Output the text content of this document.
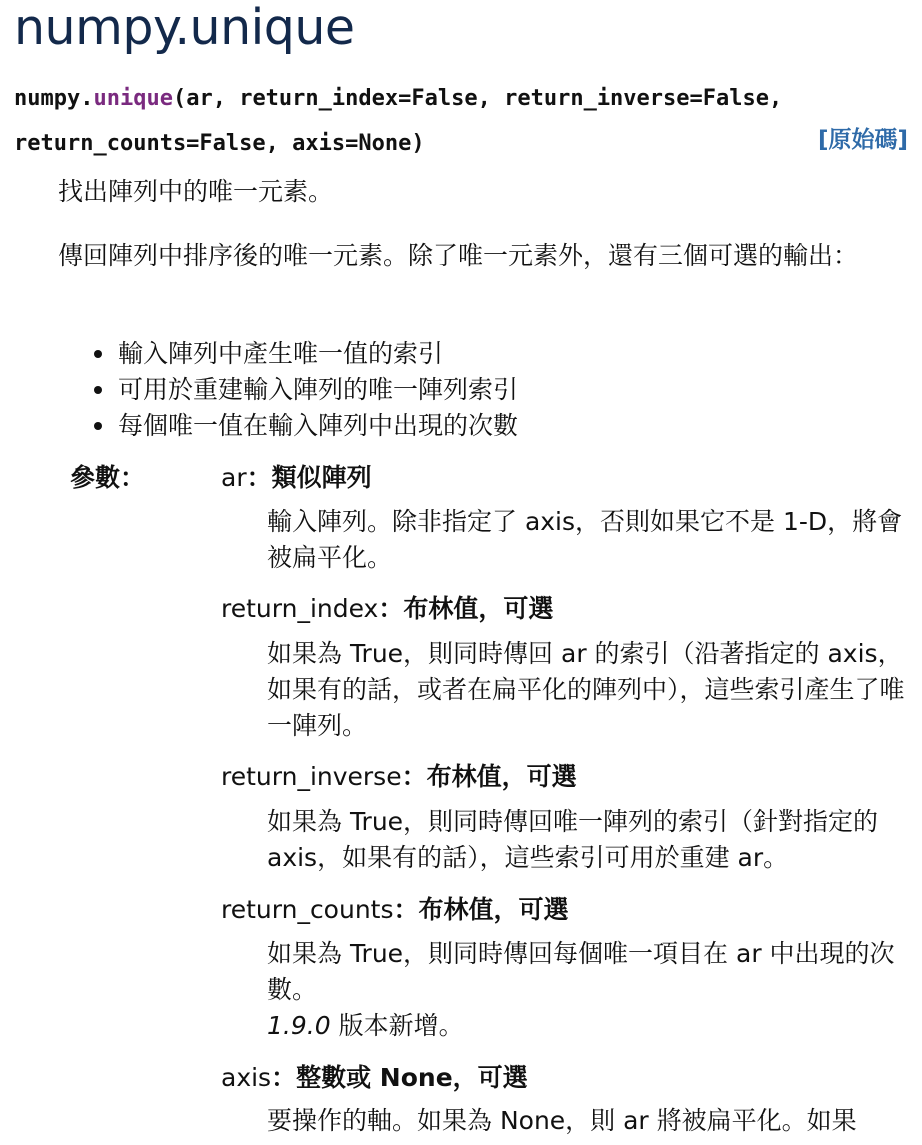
numpy.unique
numpy.unique(ar, return_index=False, return_inverse=False,
return_counts=False, axis=None)	[原始碼]

找出陣列中的唯一元素。

傳回陣列中排序後的唯一元素。除了唯一元素外，還有三個可選的輸出：

輸入陣列中產生唯一值的索引
可用於重建輸入陣列的唯一陣列索引
每個唯一值在輸入陣列中出現的次數
參數：	ar：類似陣列

輸入陣列。除非指定了 axis，否則如果它不是 1-D，將會被扁平化。

return_index：布林值，可選

如果為 True，則同時傳回 ar 的索引（沿著指定的 axis，如果有的話，或者在扁平化的陣列中），這些索引產生了唯一陣列。

return_inverse：布林值，可選

如果為 True，則同時傳回唯一陣列的索引（針對指定的 axis，如果有的話），這些索引可用於重建 ar。

return_counts：布林值，可選
如果為 True，則同時傳回每個唯一項目在 ar 中出現的次數。
1.9.0 版本新增。
axis：整數或 None，可選

要操作的軸。如果為 None，則 ar 將被扁平化。如果
